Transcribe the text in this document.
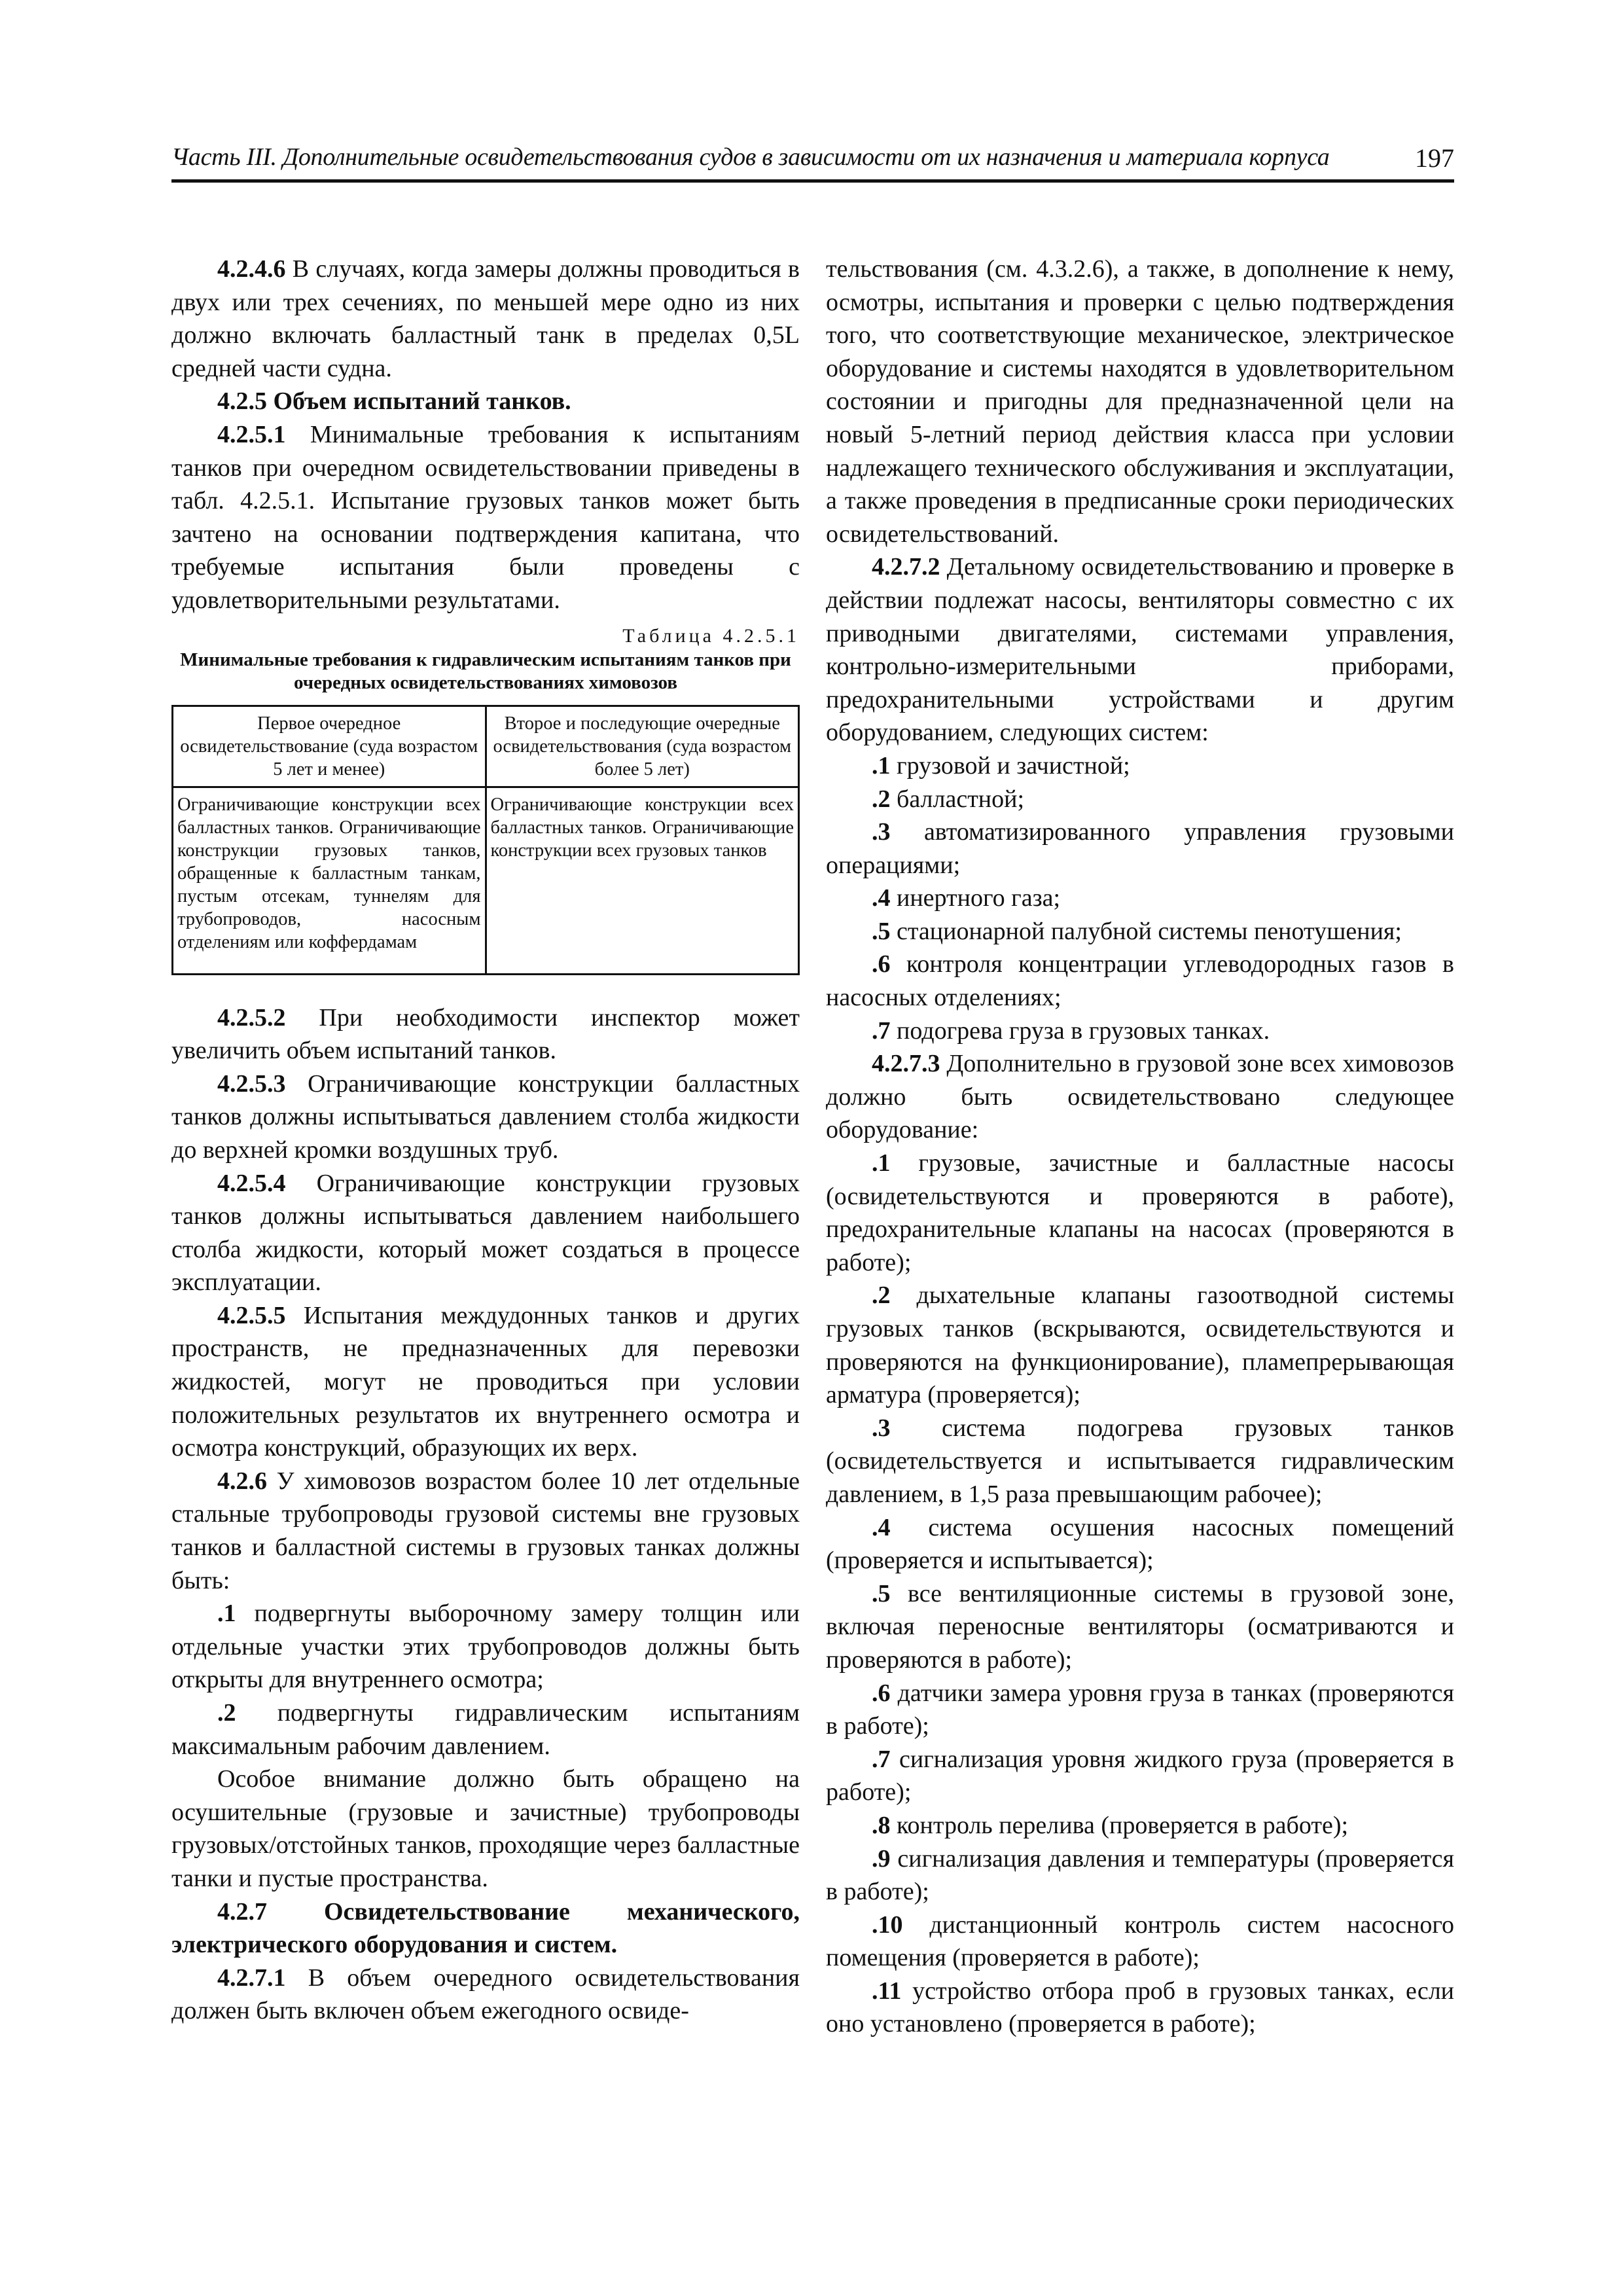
Часть III. Дополнительные освидетельствования судов в зависимости от их назначения и материала корпуса	197

4.2.4.6 В случаях, когда замеры должны проводиться в двух или трех сечениях, по меньшей мере одно из них должно включать балластный танк в пределах 0,5L средней части судна.

4.2.5 Объем испытаний танков.

4.2.5.1 Минимальные требования к испытаниям танков при очередном освидетельствовании приведены в табл. 4.2.5.1. Испытание грузовых танков может быть зачтено на основании подтверждения капитана, что требуемые испытания были проведены с удовлетворительными результатами.

Таблица 4.2.5.1
Минимальные требования к гидравлическим испытаниям танков при очередных освидетельствованиях химовозов
Первое очередное освидетельствование (суда возрастом 5 лет и менее)	Второе и последующие очередные освидетельствования (суда возрастом более 5 лет)
Ограничивающие конструкции всех балластных танков. Ограничивающие конструкции грузовых танков, обращенные к балластным танкам, пустым отсекам, туннелям для трубопроводов, насосным отделениям или коффердамам	Ограничивающие конструкции всех балластных танков. Ограничивающие конструкции всех грузовых танков

4.2.5.2 При необходимости инспектор может увеличить объем испытаний танков.

4.2.5.3 Ограничивающие конструкции балластных танков должны испытываться давлением столба жидкости до верхней кромки воздушных труб.

4.2.5.4 Ограничивающие конструкции грузовых танков должны испытываться давлением наибольшего столба жидкости, который может создаться в процессе эксплуатации.

4.2.5.5 Испытания междудонных танков и других пространств, не предназначенных для перевозки жидкостей, могут не проводиться при условии положительных результатов их внутреннего осмотра и осмотра конструкций, образующих их верх.

4.2.6 У химовозов возрастом более 10 лет отдельные стальные трубопроводы грузовой системы вне грузовых танков и балластной системы в грузовых танках должны быть:

.1 подвергнуты выборочному замеру толщин или отдельные участки этих трубопроводов должны быть открыты для внутреннего осмотра;

.2 подвергнуты гидравлическим испытаниям максимальным рабочим давлением.

Особое внимание должно быть обращено на осушительные (грузовые и зачистные) трубопроводы грузовых/отстойных танков, проходящие через балластные танки и пустые пространства.

4.2.7 Освидетельствование механического, электрического оборудования и систем.

4.2.7.1 В объем очередного освидетельствования должен быть включен объем ежегодного освиде-

тельствования (см. 4.3.2.6), а также, в дополнение к нему, осмотры, испытания и проверки с целью подтверждения того, что соответствующие механическое, электрическое оборудование и системы находятся в удовлетворительном состоянии и пригодны для предназначенной цели на новый 5-летний период действия класса при условии надлежащего технического обслуживания и эксплуатации, а также проведения в предписанные сроки периодических освидетельствований.

4.2.7.2 Детальному освидетельствованию и проверке в действии подлежат насосы, вентиляторы совместно с их приводными двигателями, системами управления, контрольно-измерительными приборами, предохранительными устройствами и другим оборудованием, следующих систем:

.1 грузовой и зачистной;

.2 балластной;

.3 автоматизированного управления грузовыми операциями;

.4 инертного газа;

.5 стационарной палубной системы пенотушения;

.6 контроля концентрации углеводородных газов в насосных отделениях;

.7 подогрева груза в грузовых танках.

4.2.7.3 Дополнительно в грузовой зоне всех химовозов должно быть освидетельствовано следующее оборудование:

.1 грузовые, зачистные и балластные насосы (освидетельствуются и проверяются в работе), предохранительные клапаны на насосах (проверяются в работе);

.2 дыхательные клапаны газоотводной системы грузовых танков (вскрываются, освидетельствуются и проверяются на функционирование), пламепрерывающая арматура (проверяется);

.3 система подогрева грузовых танков (освидетельствуется и испытывается гидравлическим давлением, в 1,5 раза превышающим рабочее);

.4 система осушения насосных помещений (проверяется и испытывается);

.5 все вентиляционные системы в грузовой зоне, включая переносные вентиляторы (осматриваются и проверяются в работе);

.6 датчики замера уровня груза в танках (проверяются в работе);

.7 сигнализация уровня жидкого груза (проверяется в работе);

.8 контроль перелива (проверяется в работе);

.9 сигнализация давления и температуры (проверяется в работе);

.10 дистанционный контроль систем насосного помещения (проверяется в работе);

.11 устройство отбора проб в грузовых танках, если оно установлено (проверяется в работе);
